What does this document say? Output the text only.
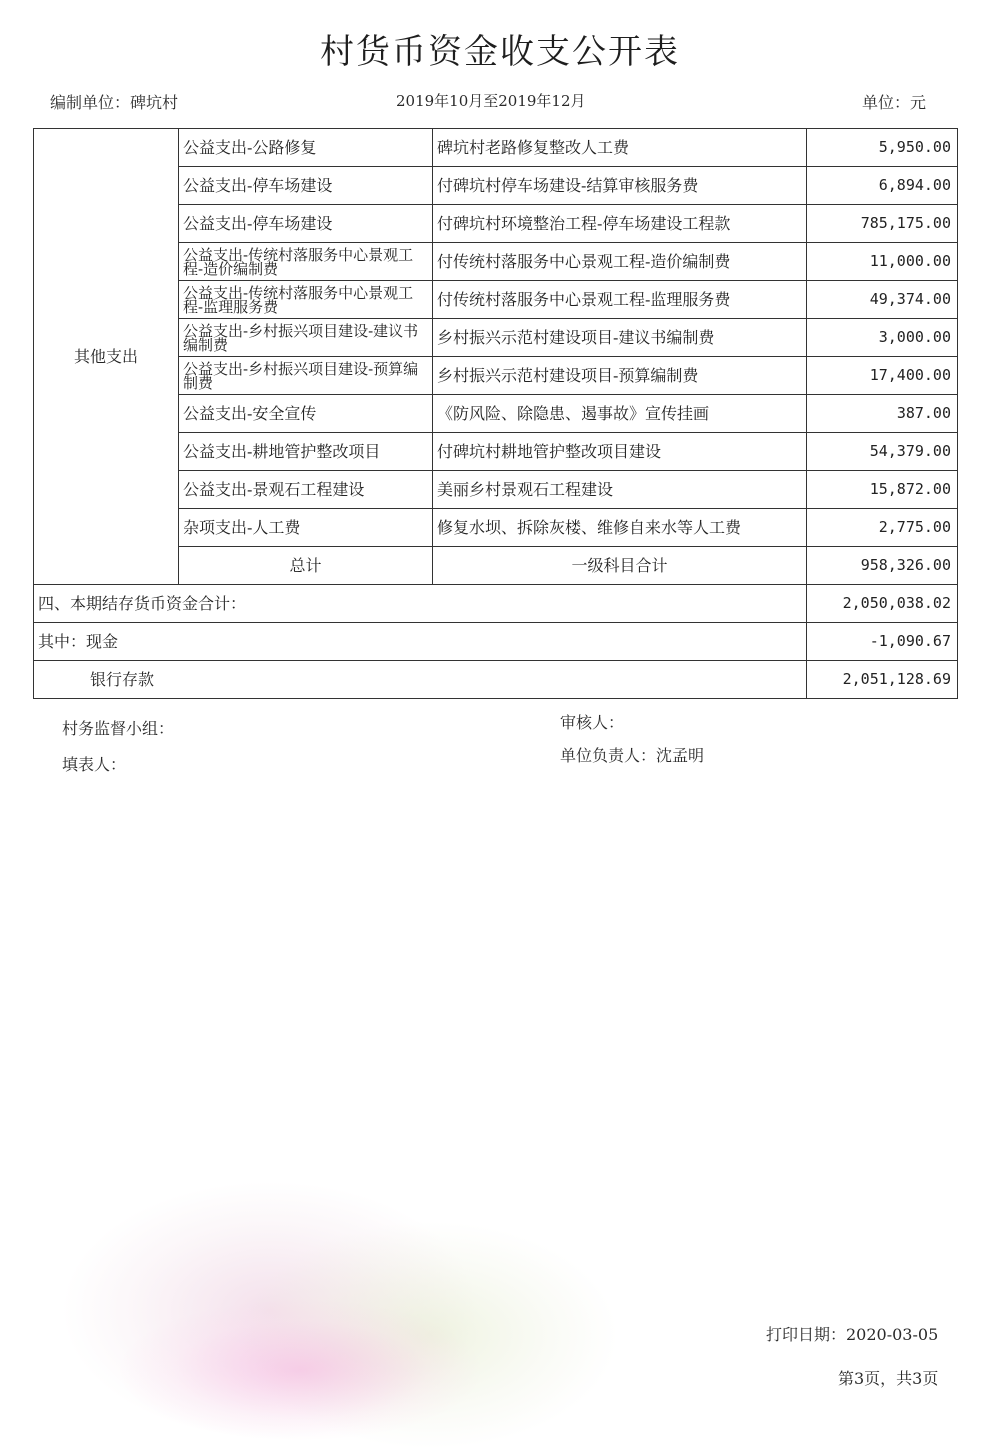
村货币资金收支公开表
编制单位：碑坑村	2019年10月至2019年12月	单位：元
其他支出	公益支出-公路修复	碑坑村老路修复整改人工费	5,950.00
	公益支出-停车场建设	付碑坑村停车场建设-结算审核服务费	6,894.00
	公益支出-停车场建设	付碑坑村环境整治工程-停车场建设工程款	785,175.00
	公益支出-传统村落服务中心景观工程-造价编制费	付传统村落服务中心景观工程-造价编制费	11,000.00
	公益支出-传统村落服务中心景观工程-监理服务费	付传统村落服务中心景观工程-监理服务费	49,374.00
	公益支出-乡村振兴项目建设-建议书编制费	乡村振兴示范村建设项目-建议书编制费	3,000.00
	公益支出-乡村振兴项目建设-预算编制费	乡村振兴示范村建设项目-预算编制费	17,400.00
	公益支出-安全宣传	《防风险、除隐患、遏事故》宣传挂画	387.00
	公益支出-耕地管护整改项目	付碑坑村耕地管护整改项目建设	54,379.00
	公益支出-景观石工程建设	美丽乡村景观石工程建设	15,872.00
	杂项支出-人工费	修复水坝、拆除灰楼、维修自来水等人工费	2,775.00
	总计	一级科目合计	958,326.00
四、本期结存货币资金合计：			2,050,038.02
其中：现金			-1,090.67
银行存款			2,051,128.69
村务监督小组：	审核人：
填表人：	单位负责人：沈孟明
打印日期：2020-03-05
第3页，共3页
